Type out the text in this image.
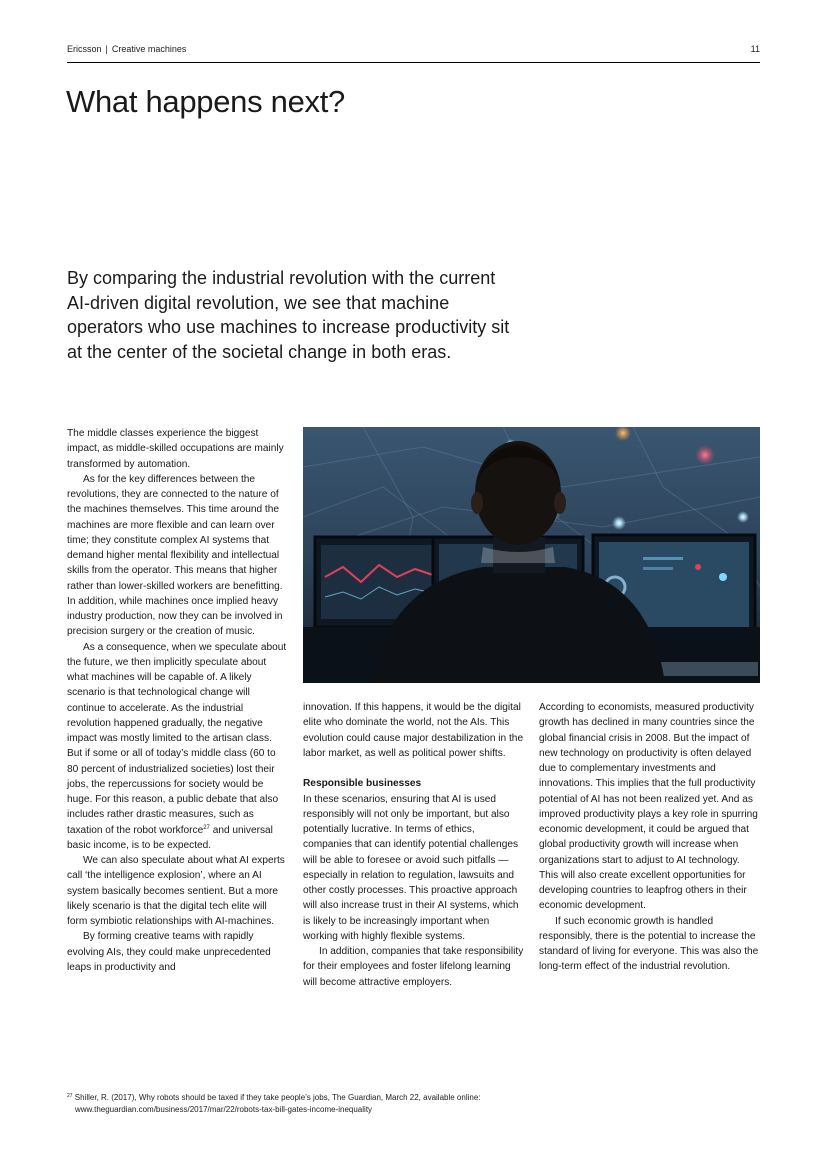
Ericsson | Creative machines	11
What happens next?

By comparing the industrial revolution with the current AI-driven digital revolution, we see that machine operators who use machines to increase productivity sit at the center of the societal change in both eras.

The middle classes experience the biggest impact, as middle-skilled occupations are mainly transformed by automation.

As for the key differences between the revolutions, they are connected to the nature of the machines themselves. This time around the machines are more flexible and can learn over time; they constitute complex AI systems that demand higher mental flexibility and intellectual skills from the operator. This means that higher rather than lower-skilled workers are benefitting. In addition, while machines once implied heavy industry production, now they can be involved in precision surgery or the creation of music.

As a consequence, when we speculate about the future, we then implicitly speculate about what machines will be capable of. A likely scenario is that technological change will continue to accelerate. As the industrial revolution happened gradually, the negative impact was mostly limited to the artisan class. But if some or all of today’s middle class (60 to 80 percent of industrialized societies) lost their jobs, the repercussions for society would be huge. For this reason, a public debate that also includes rather drastic measures, such as taxation of the robot workforce$^{27}$ and universal basic income, is to be expected.

We can also speculate about what AI experts call ‘the intelligence explosion’, where an AI system basically becomes sentient. But a more likely scenario is that the digital tech elite will form symbiotic relationships with AI-machines.

By forming creative teams with rapidly evolving AIs, they could make unprecedented leaps in productivity and

innovation. If this happens, it would be the digital elite who dominate the world, not the AIs. This evolution could cause major destabilization in the labor market, as well as political power shifts.

Responsible businesses

In these scenarios, ensuring that AI is used responsibly will not only be important, but also potentially lucrative. In terms of ethics, companies that can identify potential challenges will be able to foresee or avoid such pitfalls — especially in relation to regulation, lawsuits and other costly processes. This proactive approach will also increase trust in their AI systems, which is likely to be increasingly important when working with highly flexible systems.

In addition, companies that take responsibility for their employees and foster lifelong learning will become attractive employers.

According to economists, measured productivity growth has declined in many countries since the global financial crisis in 2008. But the impact of new technology on productivity is often delayed due to complementary investments and innovations. This implies that the full productivity potential of AI has not been realized yet. And as improved productivity plays a key role in spurring economic development, it could be argued that global productivity growth will increase when organizations start to adjust to AI technology. This will also create excellent opportunities for developing countries to leapfrog others in their economic development.

If such economic growth is handled responsibly, there is the potential to increase the standard of living for everyone. This was also the long-term effect of the industrial revolution.

$^{27}$ Shiller, R. (2017), Why robots should be taxed if they take people’s jobs, The Guardian, March 22, available online:
www.theguardian.com/business/2017/mar/22/robots-tax-bill-gates-income-inequality
